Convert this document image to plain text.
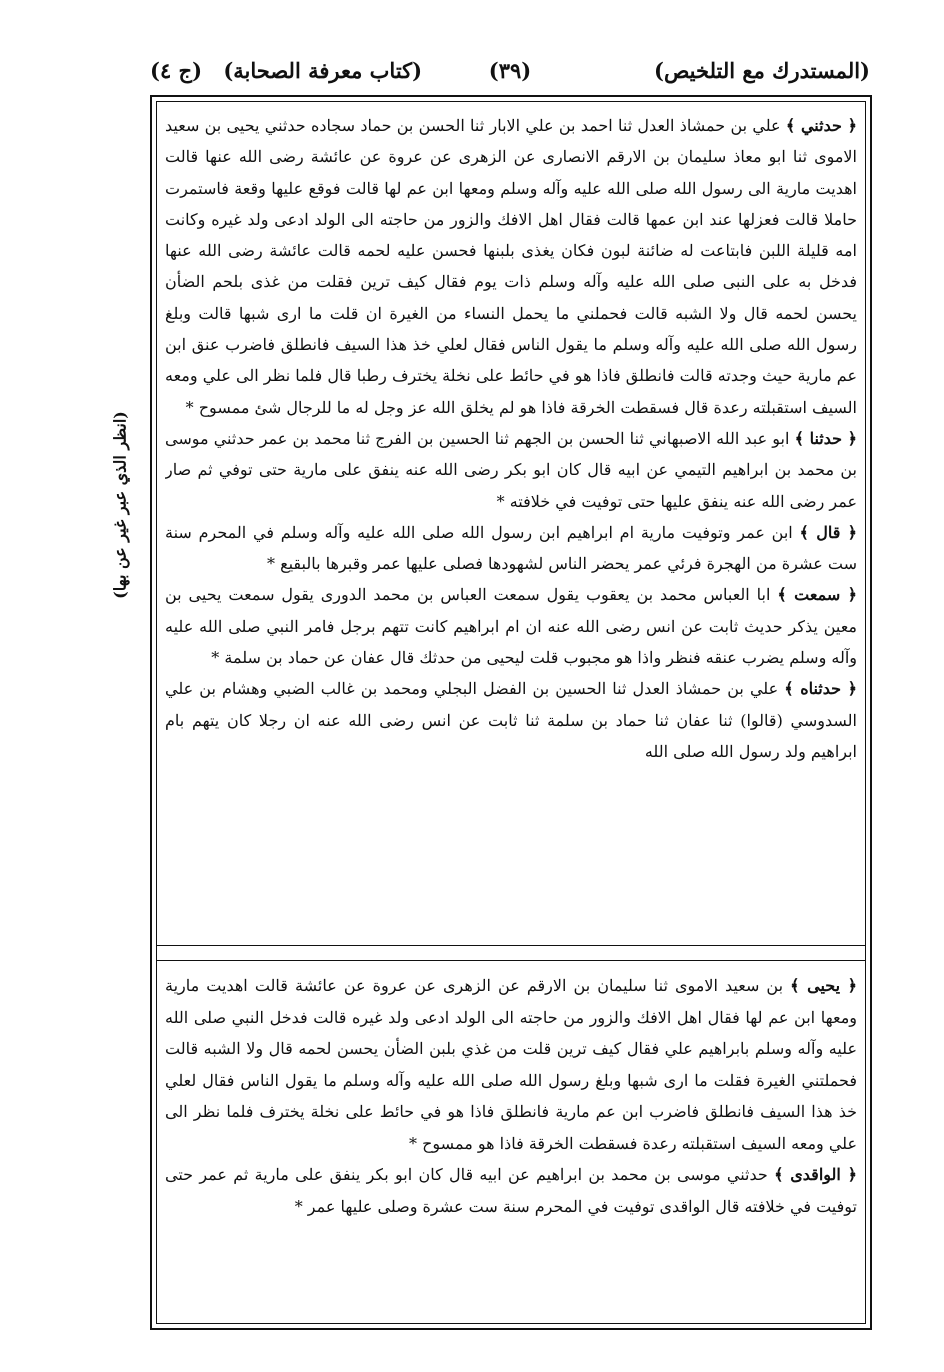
(المستدرك مع التلخيص)
(٣٩)
(كتاب معرفة الصحابة) (ج ٤)
(انظر الذي عبر غير عن بها)

﴿ حدثني ﴾ علي بن حمشاذ العدل ثنا احمد بن علي الابار ثنا الحسن بن حماد سجاده حدثني يحيى بن سعيد الاموى ثنا ابو معاذ سليمان بن الارقم الانصارى عن الزهرى عن عروة عن عائشة رضى الله عنها قالت اهديت مارية الى رسول الله صلى الله عليه وآله وسلم ومعها ابن عم لها قالت فوقع عليها وقعة فاستمرت حاملا قالت فعزلها عند ابن عمها قالت فقال اهل الافك والزور من حاجته الى الولد ادعى ولد غيره وكانت امه قليلة اللبن فابتاعت له ضائنة لبون فكان يغذى بلبنها فحسن عليه لحمه قالت عائشة رضى الله عنها فدخل به على النبى صلى الله عليه وآله وسلم ذات يوم فقال كيف ترين فقلت من غذى بلحم الضأن يحسن لحمه قال ولا الشبه قالت فحملني ما يحمل النساء من الغيرة ان قلت ما ارى شبها قالت وبلغ رسول الله صلى الله عليه وآله وسلم ما يقول الناس فقال لعلي خذ هذا السيف فانطلق فاضرب عنق ابن عم مارية حيث وجدته قالت فانطلق فاذا هو في حائط على نخلة يخترف رطبا قال فلما نظر الى علي ومعه السيف استقبلته رعدة قال فسقطت الخرقة فاذا هو لم يخلق الله عز وجل له ما للرجال شئ ممسوح *

﴿ حدثنا ﴾ ابو عبد الله الاصبهاني ثنا الحسن بن الجهم ثنا الحسين بن الفرج ثنا محمد بن عمر حدثني موسى بن محمد بن ابراهيم التيمي عن ابيه قال كان ابو بكر رضى الله عنه ينفق على مارية حتى توفي ثم صار عمر رضى الله عنه ينفق عليها حتى توفيت في خلافته *

﴿ قال ﴾ ابن عمر وتوفيت مارية ام ابراهيم ابن رسول الله صلى الله عليه وآله وسلم في المحرم سنة ست عشرة من الهجرة فرئي عمر يحضر الناس لشهودها فصلى عليها عمر وقبرها بالبقيع *

﴿ سمعت ﴾ ابا العباس محمد بن يعقوب يقول سمعت العباس بن محمد الدورى يقول سمعت يحيى بن معين يذكر حديث ثابت عن انس رضى الله عنه ان ام ابراهيم كانت تتهم برجل فامر النبي صلى الله عليه وآله وسلم يضرب عنقه فنظر واذا هو مجبوب قلت ليحيى من حدثك قال عفان عن حماد بن سلمة *

﴿ حدثناه ﴾ علي بن حمشاذ العدل ثنا الحسين بن الفضل البجلي ومحمد بن غالب الضبي وهشام بن علي السدوسي (قالوا) ثنا عفان ثنا حماد بن سلمة ثنا ثابت عن انس رضى الله عنه ان رجلا كان يتهم بام ابراهيم ولد رسول الله صلى الله

﴿ يحيى ﴾ بن سعيد الاموى ثنا سليمان بن الارقم عن الزهرى عن عروة عن عائشة قالت اهديت مارية ومعها ابن عم لها فقال اهل الافك والزور من حاجته الى الولد ادعى ولد غيره قالت فدخل النبي صلى الله عليه وآله وسلم بابراهيم علي فقال كيف ترين قلت من غذي بلبن الضأن يحسن لحمه قال ولا الشبه قالت فحملتني الغيرة فقلت ما ارى شبها وبلغ رسول الله صلى الله عليه وآله وسلم ما يقول الناس فقال لعلي خذ هذا السيف فانطلق فاضرب ابن عم مارية فانطلق فاذا هو في حائط على نخلة يخترف فلما نظر الى علي ومعه السيف استقبلته رعدة فسقطت الخرقة فاذا هو ممسوح *

﴿ الواقدى ﴾ حدثني موسى بن محمد بن ابراهيم عن ابيه قال كان ابو بكر ينفق على مارية ثم عمر حتى توفيت في خلافته قال الواقدى توفيت في المحرم سنة ست عشرة وصلى عليها عمر *
